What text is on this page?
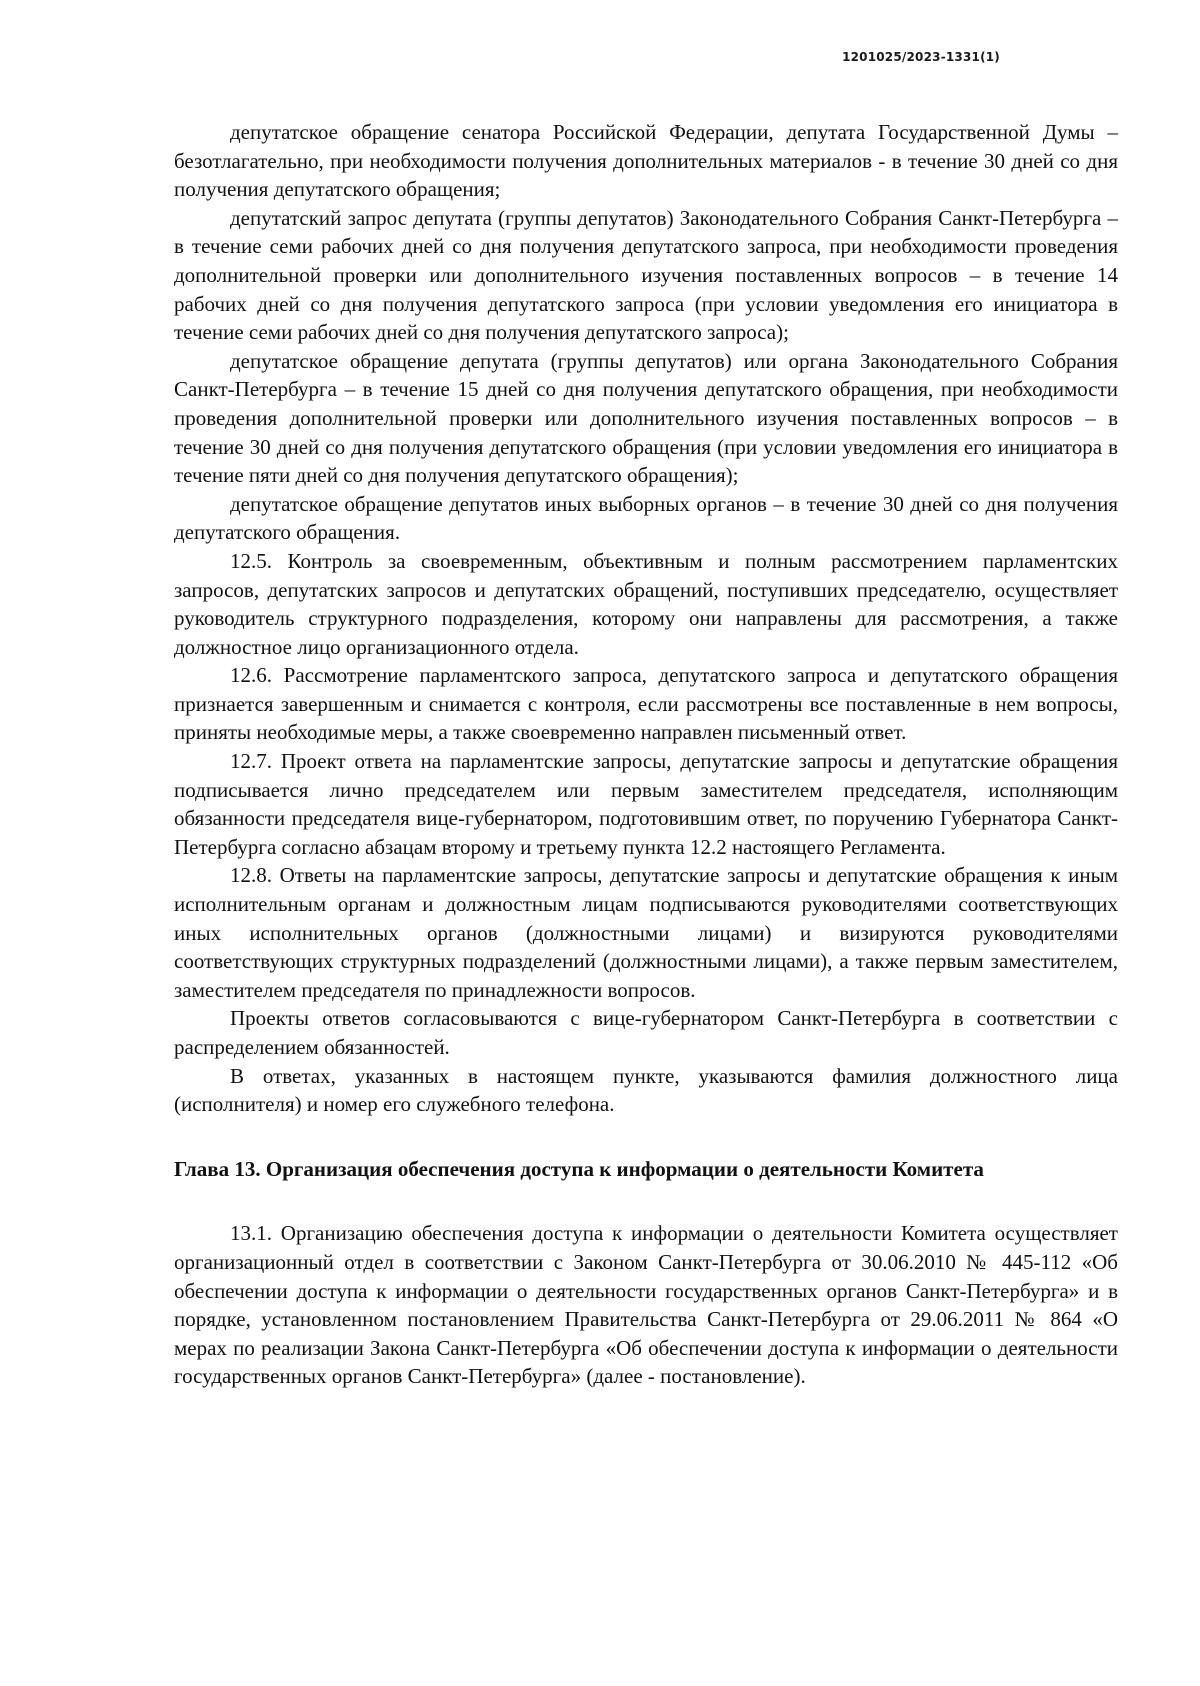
1201025/2023-1331(1)

депутатское обращение сенатора Российской Федерации, депутата Государственной Думы – безотлагательно, при необходимости получения дополнительных материалов - в течение 30 дней со дня получения депутатского обращения;

депутатский запрос депутата (группы депутатов) Законодательного Собрания Санкт-Петербурга – в течение семи рабочих дней со дня получения депутатского запроса, при необходимости проведения дополнительной проверки или дополнительного изучения поставленных вопросов – в течение 14 рабочих дней со дня получения депутатского запроса (при условии уведомления его инициатора в течение семи рабочих дней со дня получения депутатского запроса);

депутатское обращение депутата (группы депутатов) или органа Законодательного Собрания Санкт-Петербурга – в течение 15 дней со дня получения депутатского обращения, при необходимости проведения дополнительной проверки или дополнительного изучения поставленных вопросов – в течение 30 дней со дня получения депутатского обращения (при условии уведомления его инициатора в течение пяти дней со дня получения депутатского обращения);

депутатское обращение депутатов иных выборных органов – в течение 30 дней со дня получения депутатского обращения.

12.5. Контроль за своевременным, объективным и полным рассмотрением парламентских запросов, депутатских запросов и депутатских обращений, поступивших председателю, осуществляет руководитель структурного подразделения, которому они направлены для рассмотрения, а также должностное лицо организационного отдела.

12.6. Рассмотрение парламентского запроса, депутатского запроса и депутатского обращения признается завершенным и снимается с контроля, если рассмотрены все поставленные в нем вопросы, приняты необходимые меры, а также своевременно направлен письменный ответ.

12.7. Проект ответа на парламентские запросы, депутатские запросы и депутатские обращения подписывается лично председателем или первым заместителем председателя, исполняющим обязанности председателя вице-губернатором, подготовившим ответ, по поручению Губернатора Санкт-Петербурга согласно абзацам второму и третьему пункта 12.2 настоящего Регламента.

12.8. Ответы на парламентские запросы, депутатские запросы и депутатские обращения к иным исполнительным органам и должностным лицам подписываются руководителями соответствующих иных исполнительных органов (должностными лицами) и визируются руководителями соответствующих структурных подразделений (должностными лицами), а также первым заместителем, заместителем председателя по принадлежности вопросов.

Проекты ответов согласовываются с вице-губернатором Санкт-Петербурга в соответствии с распределением обязанностей.

В ответах, указанных в настоящем пункте, указываются фамилия должностного лица (исполнителя) и номер его служебного телефона.

Глава 13. Организация обеспечения доступа к информации о деятельности Комитета

13.1. Организацию обеспечения доступа к информации о деятельности Комитета осуществляет организационный отдел в соответствии с Законом Санкт-Петербурга от 30.06.2010 № 445-112 «Об обеспечении доступа к информации о деятельности государственных органов Санкт-Петербурга» и в порядке, установленном постановлением Правительства Санкт-Петербурга от 29.06.2011 № 864 «О мерах по реализации Закона Санкт-Петербурга «Об обеспечении доступа к информации о деятельности государственных органов Санкт-Петербурга» (далее - постановление).
